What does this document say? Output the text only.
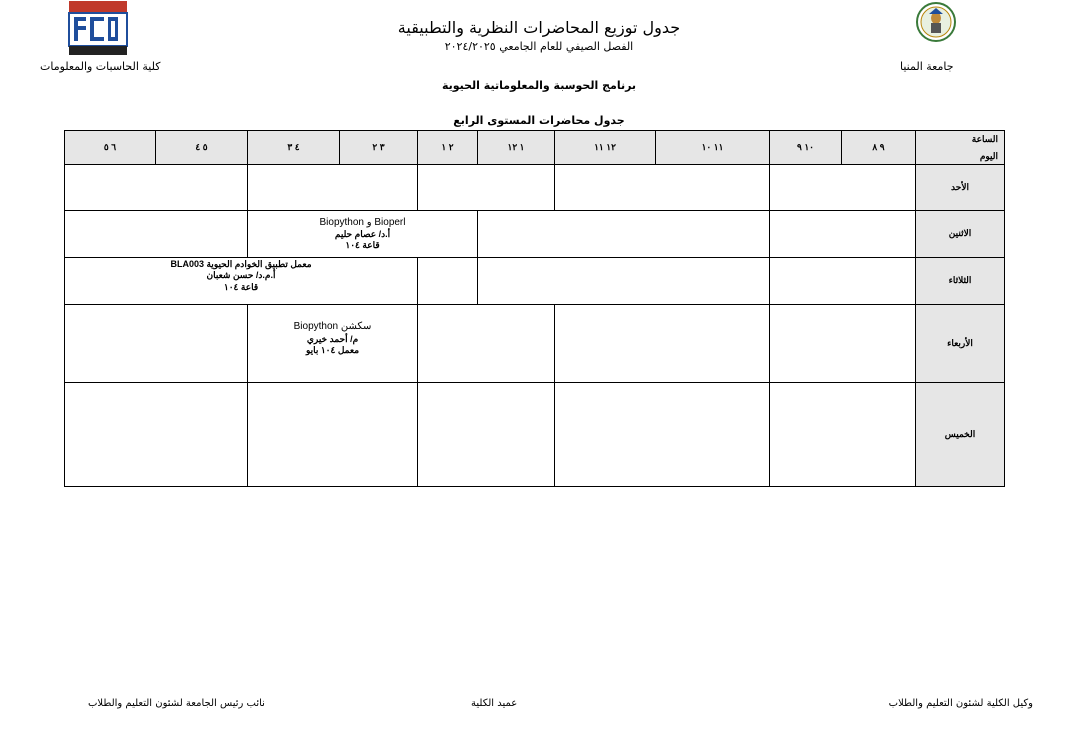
كلية الحاسبات والمعلومات	جامعة المنيا
جدول توزيع المحاضرات النظرية والتطبيقية
الفصل الصيفي للعام الجامعي ٢٠٢٤/٢٠٢٥
برنامج الحوسبة والمعلوماتية الحيوية
جدول محاضرات المستوى الرابع
٦ ٥	٥ ٤	٤ ٣	٣ ٢	٢ ١	١ ١٢	١٢ ١١	١١ ١٠	١٠ ٩	٩ ٨	الساعة
اليوم

										الأحد

		Bioperl و Biopython
أ.د/ عصام حليم
قاعة ١٠٤								الاثنين

معمل تطبيق الخوادم الحيوية BLA003
أ.م.د/ حسن شعبان
قاعة ١٠٤										الثلاثاء

		سكشن Biopython
م/ أحمد خيري
معمل ١٠٤ بايو								الأربعاء
										الخميس
نائب رئيس الجامعة لشئون التعليم والطلاب	عميد الكلية	وكيل الكلية لشئون التعليم والطلاب
